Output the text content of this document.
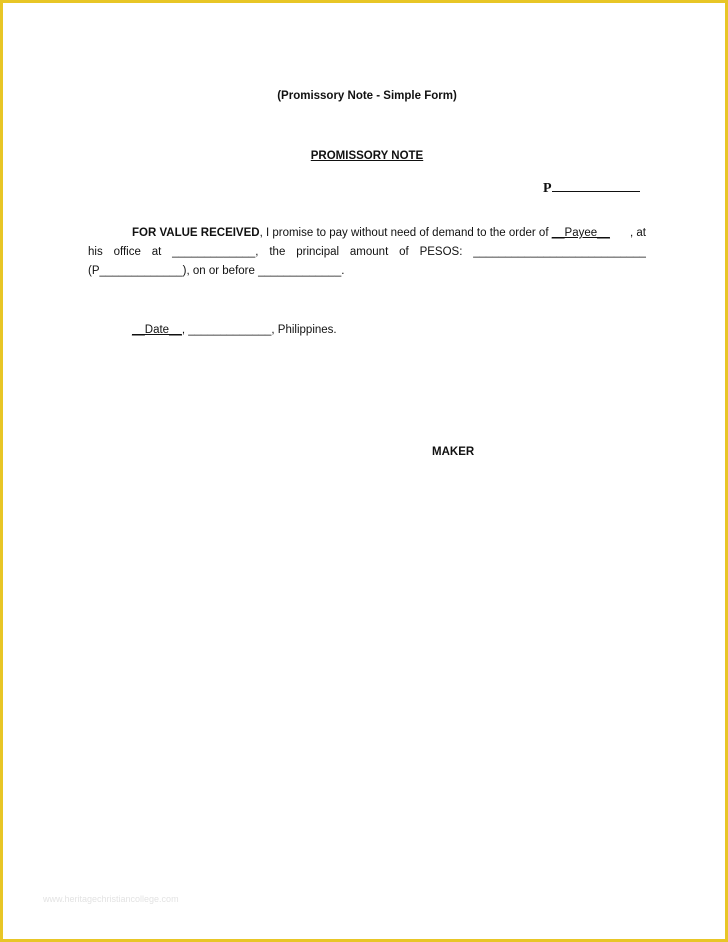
(Promissory Note - Simple Form)
PROMISSORY NOTE
P
FOR VALUE RECEIVED, I promise to pay without need of demand to the order of __Payee__ , at
his office at _____________, the principal amount of PESOS: ___________________________
(P_____________), on or before _____________.
__Date__, _____________, Philippines.
MAKER
www.heritagechristiancollege.com
